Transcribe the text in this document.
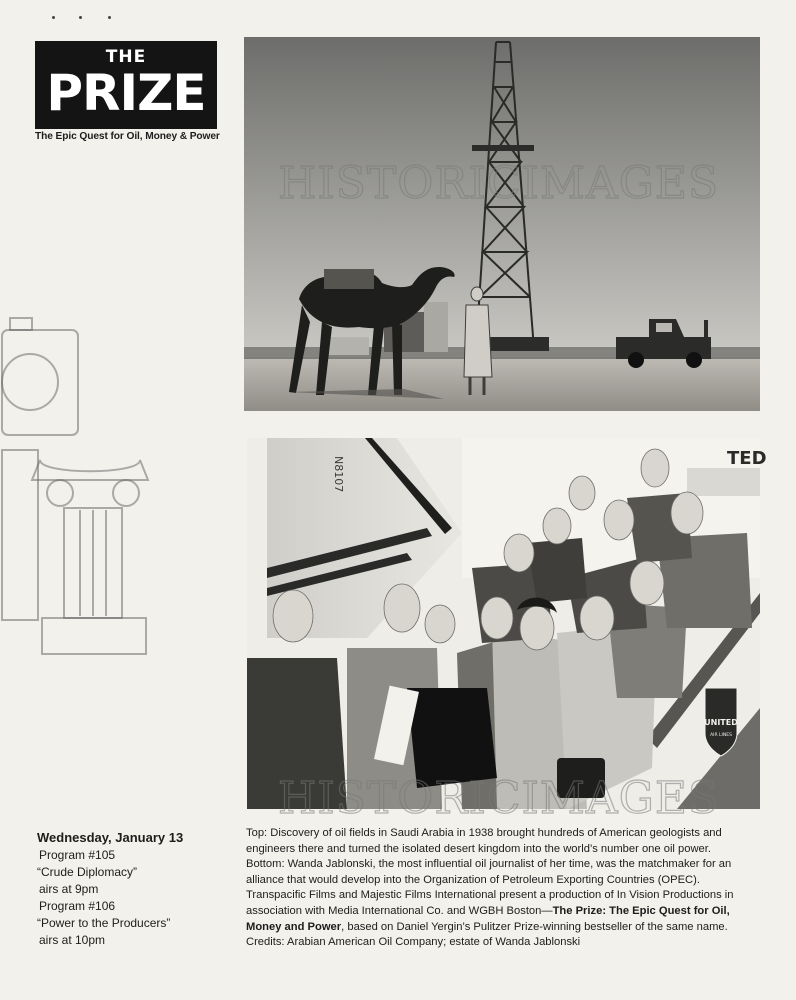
THE
PRIZE
The Epic Quest for Oil, Money & Power
N8107	TED
UNITED
AIR LINES
HISTORICIMAGES
HISTORICIMAGES
Wednesday, January 13
Program #105
“Crude Diplomacy”
airs at 9pm
Program #106
“Power to the Producers”
airs at 10pm

Top: Discovery of oil fields in Saudi Arabia in 1938 brought hundreds of American geologists and engineers there and turned the isolated desert kingdom into the world’s number one oil power.

Bottom: Wanda Jablonski, the most influential oil journalist of her time, was the matchmaker for an alliance that would develop into the Organization of Petroleum Exporting Countries (OPEC).

Transpacific Films and Majestic Films International present a production of In Vision Productions in association with Media International Co. and WGBH Boston—The Prize: The Epic Quest for Oil, Money and Power, based on Daniel Yergin’s Pulitzer Prize-winning bestseller of the same name. Credits: Arabian American Oil Company; estate of Wanda Jablonski
